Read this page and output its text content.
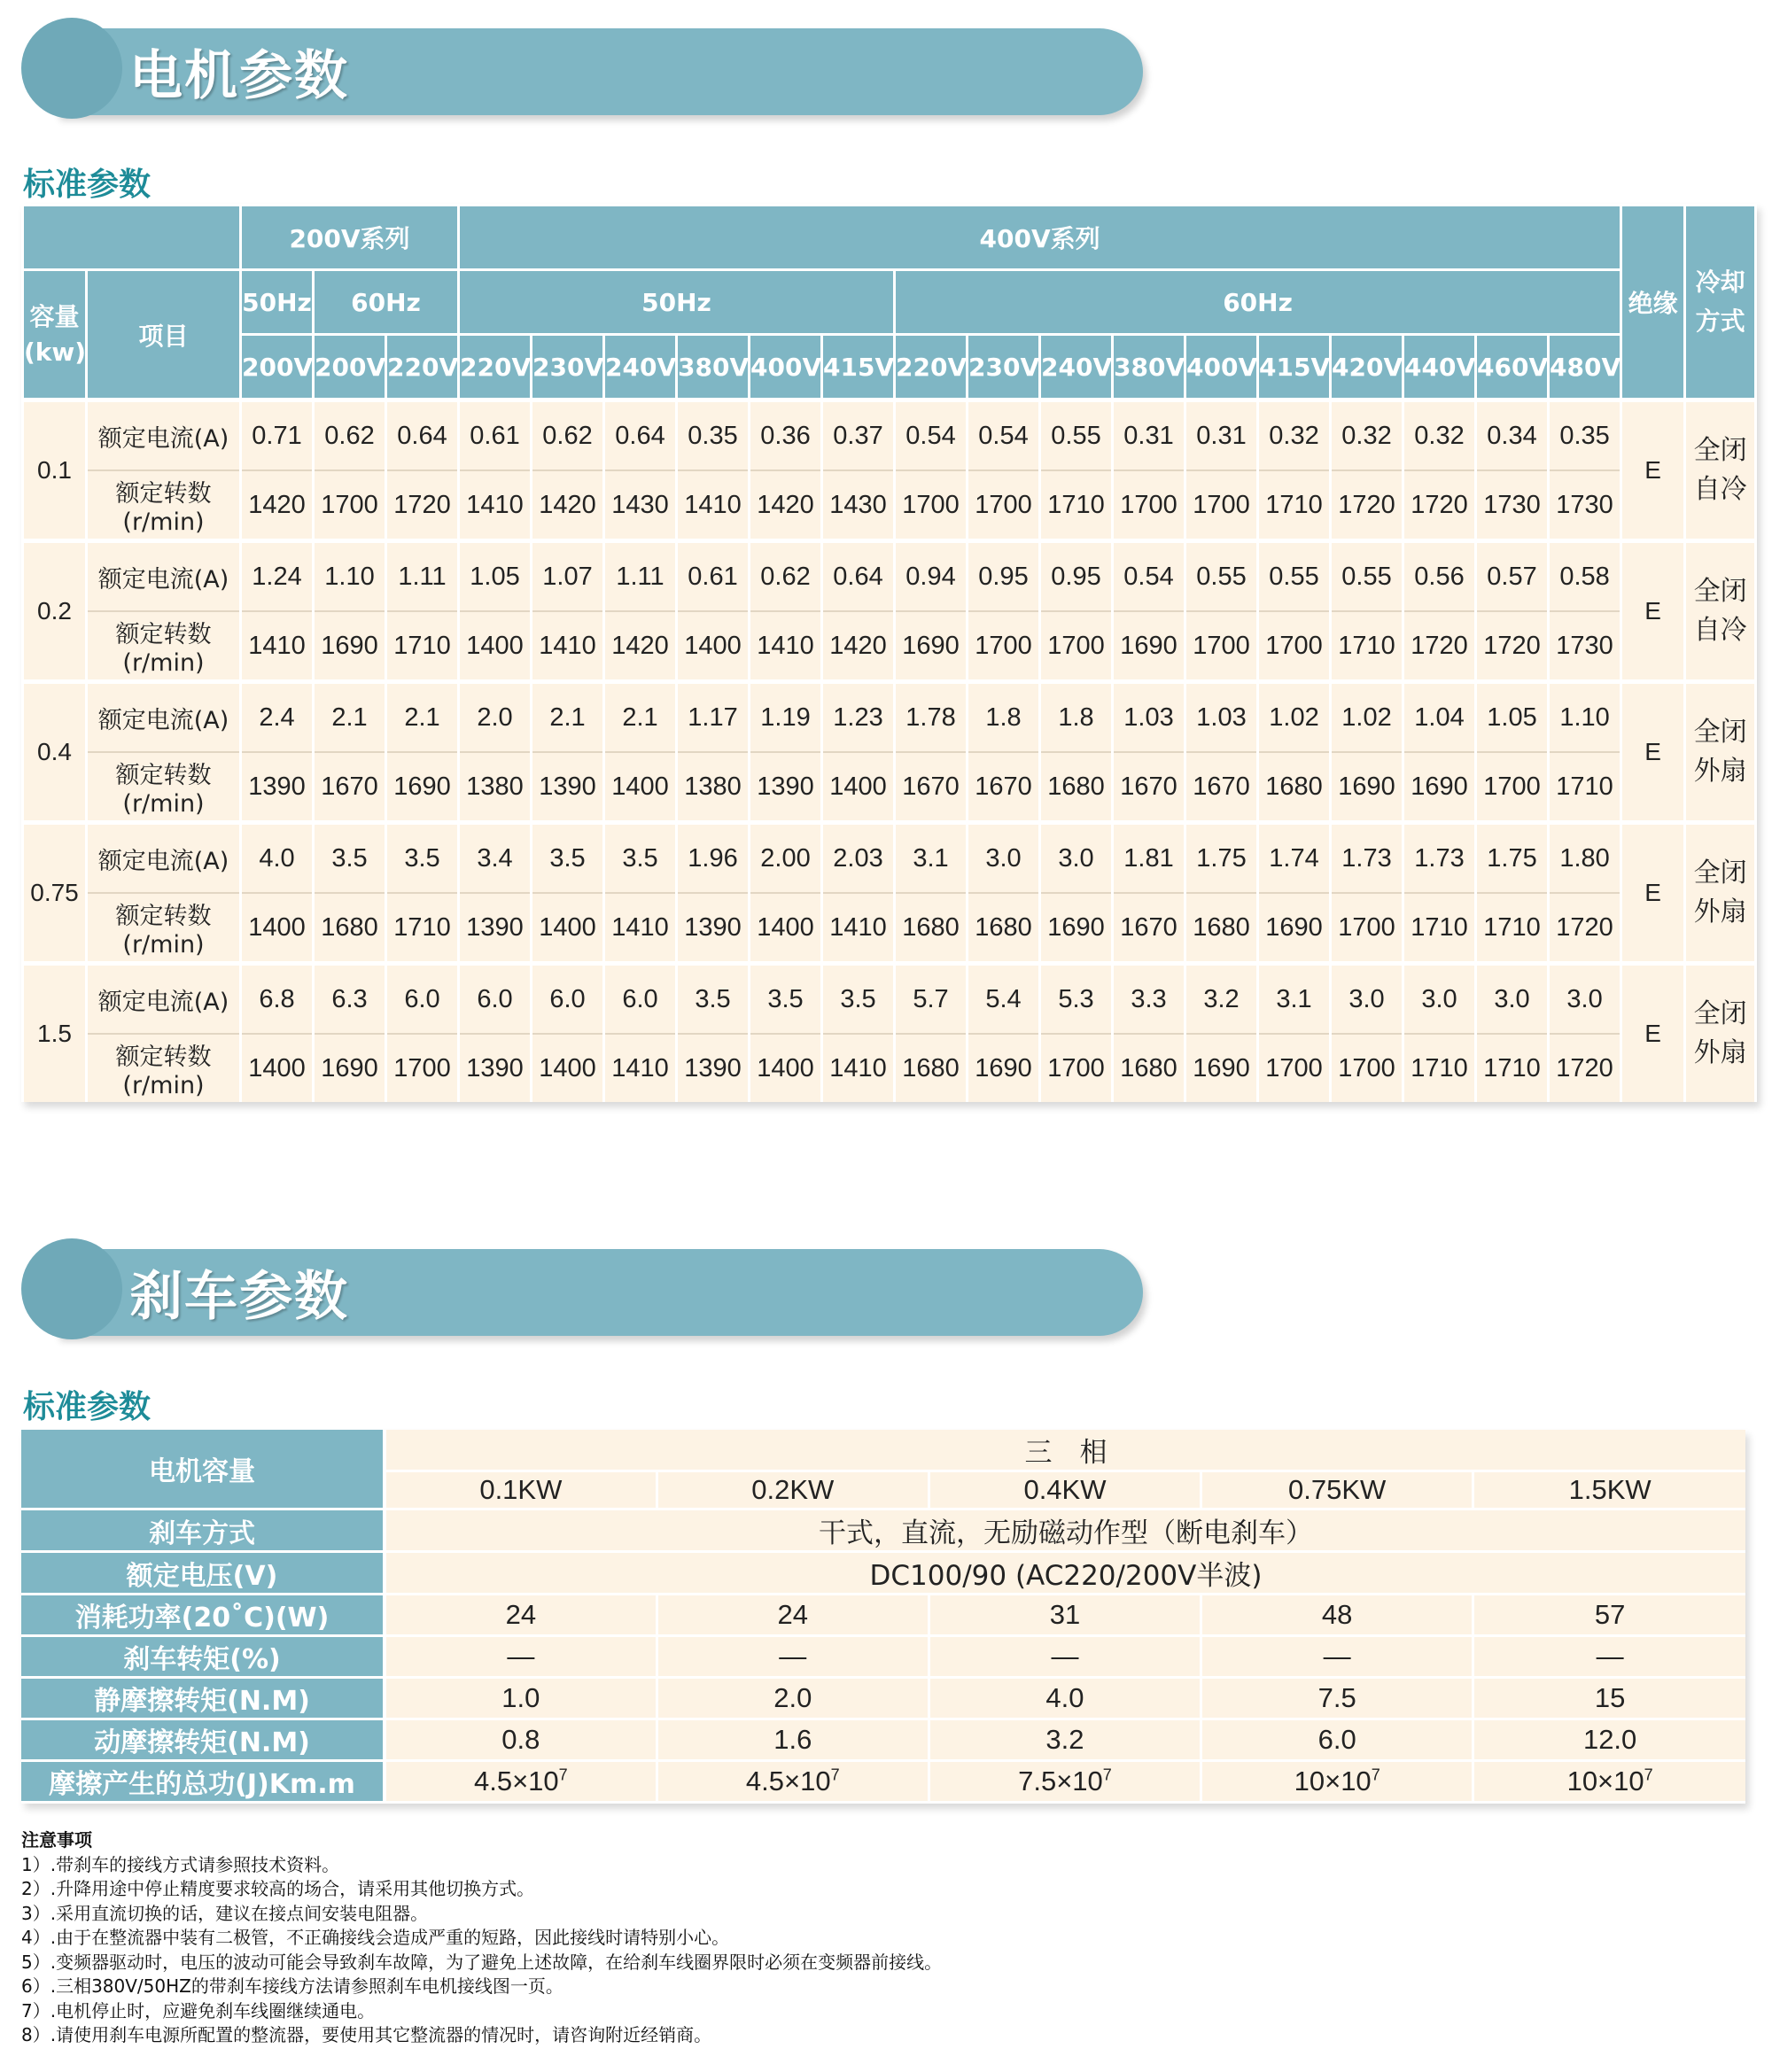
电机参数
标准参数
		200V系列			400V系列																绝缘	冷却
方式
容量
(kw)	项目	50Hz	60Hz		50Hz						60Hz											
		200V	200V	220V	220V	230V	240V	380V	400V	415V	220V	230V	240V	380V	400V	415V	420V	440V	460V	480V		
0.1	额定电流(A)	0.71	0.62	0.64	0.61	0.62	0.64	0.35	0.36	0.37	0.54	0.54	0.55	0.31	0.31	0.32	0.32	0.32	0.34	0.35	E	全闭
自冷
	额定转数(r/min)	1420	1700	1720	1410	1420	1430	1410	1420	1430	1700	1700	1710	1700	1700	1710	1720	1720	1730	1730		
0.2	额定电流(A)	1.24	1.10	1.11	1.05	1.07	1.11	0.61	0.62	0.64	0.94	0.95	0.95	0.54	0.55	0.55	0.55	0.56	0.57	0.58	E	全闭
自冷
	额定转数(r/min)	1410	1690	1710	1400	1410	1420	1400	1410	1420	1690	1700	1700	1690	1700	1700	1710	1720	1720	1730		
0.4	额定电流(A)	2.4	2.1	2.1	2.0	2.1	2.1	1.17	1.19	1.23	1.78	1.8	1.8	1.03	1.03	1.02	1.02	1.04	1.05	1.10	E	全闭
外扇
	额定转数(r/min)	1390	1670	1690	1380	1390	1400	1380	1390	1400	1670	1670	1680	1670	1670	1680	1690	1690	1700	1710		
0.75	额定电流(A)	4.0	3.5	3.5	3.4	3.5	3.5	1.96	2.00	2.03	3.1	3.0	3.0	1.81	1.75	1.74	1.73	1.73	1.75	1.80	E	全闭
外扇
	额定转数(r/min)	1400	1680	1710	1390	1400	1410	1390	1400	1410	1680	1680	1690	1670	1680	1690	1700	1710	1710	1720		
1.5	额定电流(A)	6.8	6.3	6.0	6.0	6.0	6.0	3.5	3.5	3.5	5.7	5.4	5.3	3.3	3.2	3.1	3.0	3.0	3.0	3.0	E	全闭
外扇
	额定转数(r/min)	1400	1690	1700	1390	1400	1410	1390	1400	1410	1680	1690	1700	1680	1690	1700	1700	1710	1710	1720		
刹车参数
标准参数
电机容量	三　相				
	0.1KW	0.2KW	0.4KW	0.75KW	1.5KW
刹车方式	干式，直流，无励磁动作型（断电刹车）				
额定电压(V)	DC100/90 (AC220/200V半波)				
消耗功率(20˚C)(W)	24	24	31	48	57
刹车转矩(%)	—	—	—	—	—
静摩擦转矩(N.M)	1.0	2.0	4.0	7.5	15
动摩擦转矩(N.M)	0.8	1.6	3.2	6.0	12.0
摩擦产生的总功(J)Km.m	$4.5\times 10^7$	$4.5\times 10^7$	$7.5\times 10^7$	$10\times 10^7$	$10\times 10^7$
注意事项
1）.带刹车的接线方式请参照技术资料。
2）.升降用途中停止精度要求较高的场合，请采用其他切换方式。
3）.采用直流切换的话，建议在接点间安装电阻器。
4）.由于在整流器中装有二极管，不正确接线会造成严重的短路，因此接线时请特别小心。
5）.变频器驱动时，电压的波动可能会导致刹车故障，为了避免上述故障，在给刹车线圈界限时必须在变频器前接线。
6）.三相380V/50HZ的带刹车接线方法请参照刹车电机接线图一页。
7）.电机停止时，应避免刹车线圈继续通电。
8）.请使用刹车电源所配置的整流器，要使用其它整流器的情况时，请咨询附近经销商。
